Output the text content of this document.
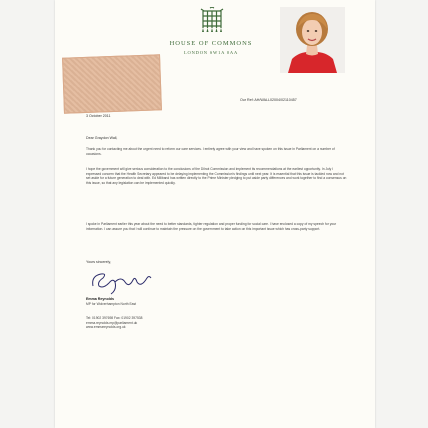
HOUSE OF COMMONS
LONDON SW1A 0AA
Our Ref: AH/WALL02004/02110457
3 October 2011
Dear Graydon Wall,
Thank you for contacting me about the urgent need to reform our care services. I entirely agree with your view and have spoken on this issue in Parliament on a number of occasions.
I hope the government will give serious consideration to the conclusions of the Dilnot Commission and implement its recommendations at the earliest opportunity. In July I expressed concern that the Health Secretary appeared to be delaying implementing the Commission's findings until next year. It is essential that this issue is tackled now and not set aside for a future generation to deal with. Ed Miliband has written directly to the Prime Minister pledging to put aside party differences and work together to find a consensus on this issue, so that any legislation can be implemented quickly.
I spoke in Parliament earlier this year about the need to better standards, tighter regulation and proper funding for social care. I have enclosed a copy of my speech for your information. I can assure you that I will continue to maintain the pressure on the government to take action on this important issue which has cross-party support.
Yours sincerely,
Emma Reynolds
MP for Wolverhampton North East
Tel: 01902 397698 Fax: 01902 397538
emma.reynolds.mp@parliament.uk
www.emmareynolds.org.uk
